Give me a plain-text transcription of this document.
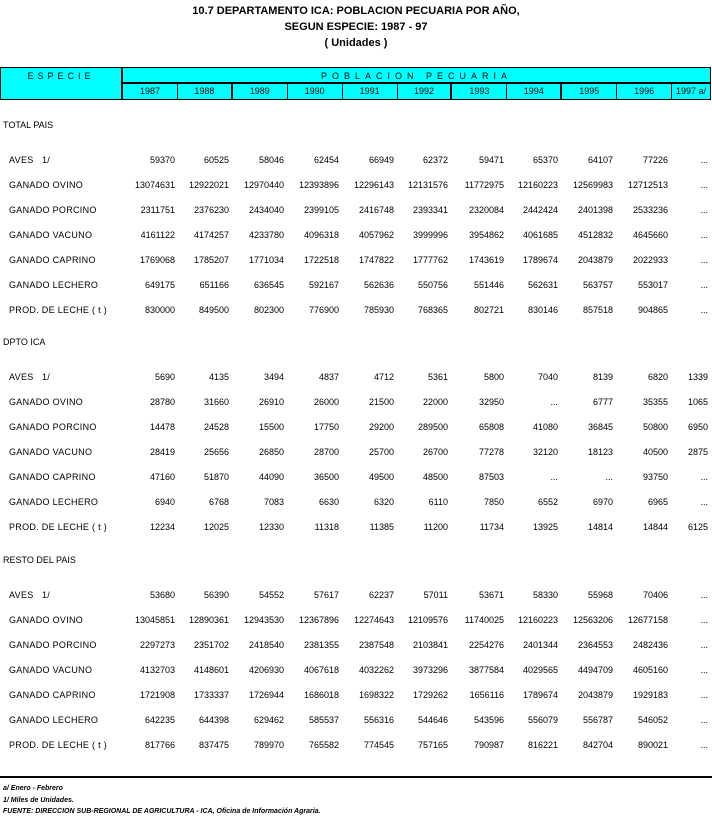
10.7 DEPARTAMENTO ICA: POBLACION PECUARIA POR AÑO,
SEGUN ESPECIE: 1987 - 97
( Unidades )
ESPECIE	POBLACION PECUARIA
1987	1988	1989	1990	1991	1992	1993	1994	1995	1996	1997 a/
TOTAL PAIS
AVES   1/	59370	60525	58046	62454	66949	62372	59471	65370	64107	77226	...
GANADO OVINO	13074631 12922021 12970440 12393896 12296143 12131576 11772975 12160223 12569983 12712513	...
GANADO PORCINO	2311751 2376230 2434040 2399105 2416748 2393341 2320084 2442424 2401398 2533236	...
GANADO VACUNO	4161122 4174257 4233780 4096318 4057962 3999996 3954862 4061685 4512832 4645660	...
GANADO CAPRINO	1769068 1785207 1771034 1722518 1747822 1777762 1743619 1789674 2043879 2022933	...
GANADO LECHERO	649175	651166	636545	592167	562636	550756	551446	562631	563757	553017	...
PROD. DE LECHE ( t )	830000	849500	802300	776900	785930	768365	802721	830146	857518	904865	...
DPTO ICA
AVES   1/	5690	4135	3494	4837	4712	5361	5800	7040	8139	6820 1339
GANADO OVINO	28780	31660	26910	26000	21500	22000	32950	...	6777	35355 1065
GANADO PORCINO	14478	24528	15500	17750	29200	289500	65808	41080	36845	50800 6950
GANADO VACUNO	28419	25656	26850	28700	25700	26700	77278	32120	18123	40500 2875
GANADO CAPRINO	47160	51870	44090	36500	49500	48500	87503	...	...	93750	...
GANADO LECHERO	6940	6768	7083	6630	6320	6110	7850	6552	6970	6965	...
PROD. DE LECHE ( t )	12234	12025	12330	11318	11385	11200	11734	13925	14814	14844 6125
RESTO DEL PAIS
AVES   1/	53680	56390	54552	57617	62237	57011	53671	58330	55968	70406	...
GANADO OVINO	13045851 12890361 12943530 12367896 12274643 12109576 11740025 12160223 12563206 12677158	...
GANADO PORCINO	2297273 2351702 2418540 2381355 2387548 2103841 2254276 2401344 2364553 2482436	...
GANADO VACUNO	4132703 4148601 4206930 4067618 4032262 3973296 3877584 4029565 4494709 4605160	...
GANADO CAPRINO	1721908 1733337 1726944 1686018 1698322 1729262 1656116 1789674 2043879 1929183	...
GANADO LECHERO	642235	644398	629462	585537	556316	544646	543596	556079	556787	546052	...
PROD. DE LECHE ( t )	817766	837475	789970	765582	774545	757165	790987	816221	842704	890021	...
a/ Enero - Febrero
1/ Miles de Unidades.
FUENTE: DIRECCION SUB-REGIONAL DE AGRICULTURA - ICA, Oficina de Información Agraria.
